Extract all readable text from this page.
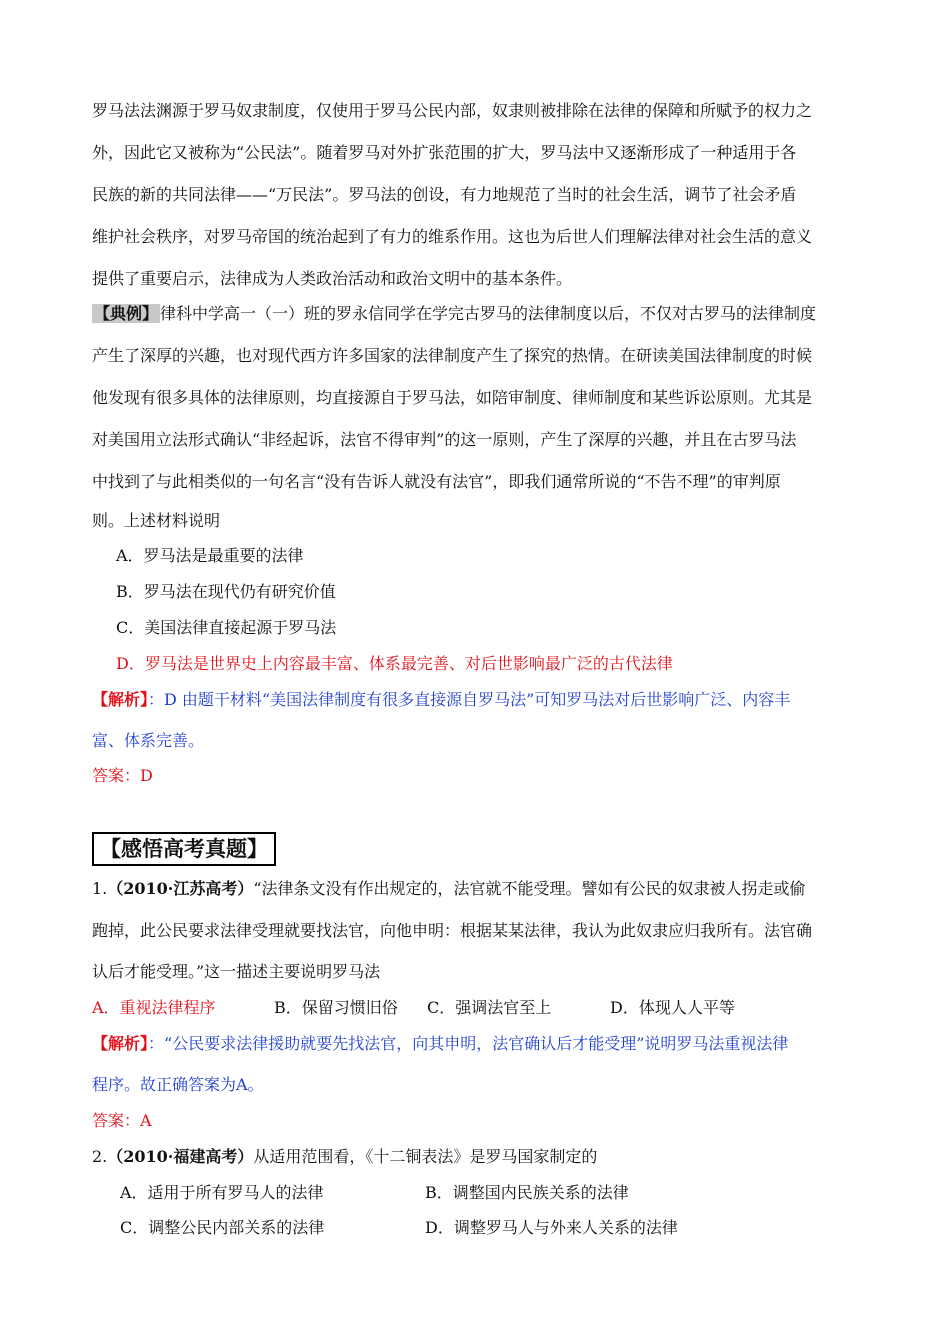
罗马法法渊源于罗马奴隶制度，仅使用于罗马公民内部，奴隶则被排除在法律的保障和所赋予的权力之
外，因此它又被称为“公民法”。随着罗马对外扩张范围的扩大，罗马法中又逐渐形成了一种适用于各
民族的新的共同法律——“万民法”。罗马法的创设，有力地规范了当时的社会生活，调节了社会矛盾
维护社会秩序，对罗马帝国的统治起到了有力的维系作用。这也为后世人们理解法律对社会生活的意义
提供了重要启示，法律成为人类政治活动和政治文明中的基本条件。
【典例】 律科中学高一（一）班的罗永信同学在学完古罗马的法律制度以后，不仅对古罗马的法律制度
产生了深厚的兴趣，也对现代西方许多国家的法律制度产生了探究的热情。在研读美国法律制度的时候
他发现有很多具体的法律原则，均直接源自于罗马法，如陪审制度、律师制度和某些诉讼原则。尤其是
对美国用立法形式确认“非经起诉，法官不得审判”的这一原则，产生了深厚的兴趣，并且在古罗马法
中找到了与此相类似的一句名言“没有告诉人就没有法官”，即我们通常所说的“不告不理”的审判原
则。上述材料说明
A．罗马法是最重要的法律
B．罗马法在现代仍有研究价值
C．美国法律直接起源于罗马法
D．罗马法是世界史上内容最丰富、体系最完善、对后世影响最广泛的古代法律
【解析】：D 由题干材料“美国法律制度有很多直接源自罗马法”可知罗马法对后世影响广泛、内容丰
富、体系完善。
答案：D
【感悟高考真题】
1.（2010·江苏高考）“法律条文没有作出规定的，法官就不能受理。譬如有公民的奴隶被人拐走或偷
跑掉，此公民要求法律受理就要找法官，向他申明：根据某某法律，我认为此奴隶应归我所有。法官确
认后才能受理。”这一描述主要说明罗马法
A．重视法律程序	B．保留习惯旧俗 C．强调法官至上	D．体现人人平等
【解析】：“公民要求法律援助就要先找法官，向其申明，法官确认后才能受理”说明罗马法重视法律
程序。故正确答案为A。
答案：A
2.（2010·福建高考）从适用范围看，《十二铜表法》是罗马国家制定的
A．适用于所有罗马人的法律	B．调整国内民族关系的法律
C．调整公民内部关系的法律	D．调整罗马人与外来人关系的法律
